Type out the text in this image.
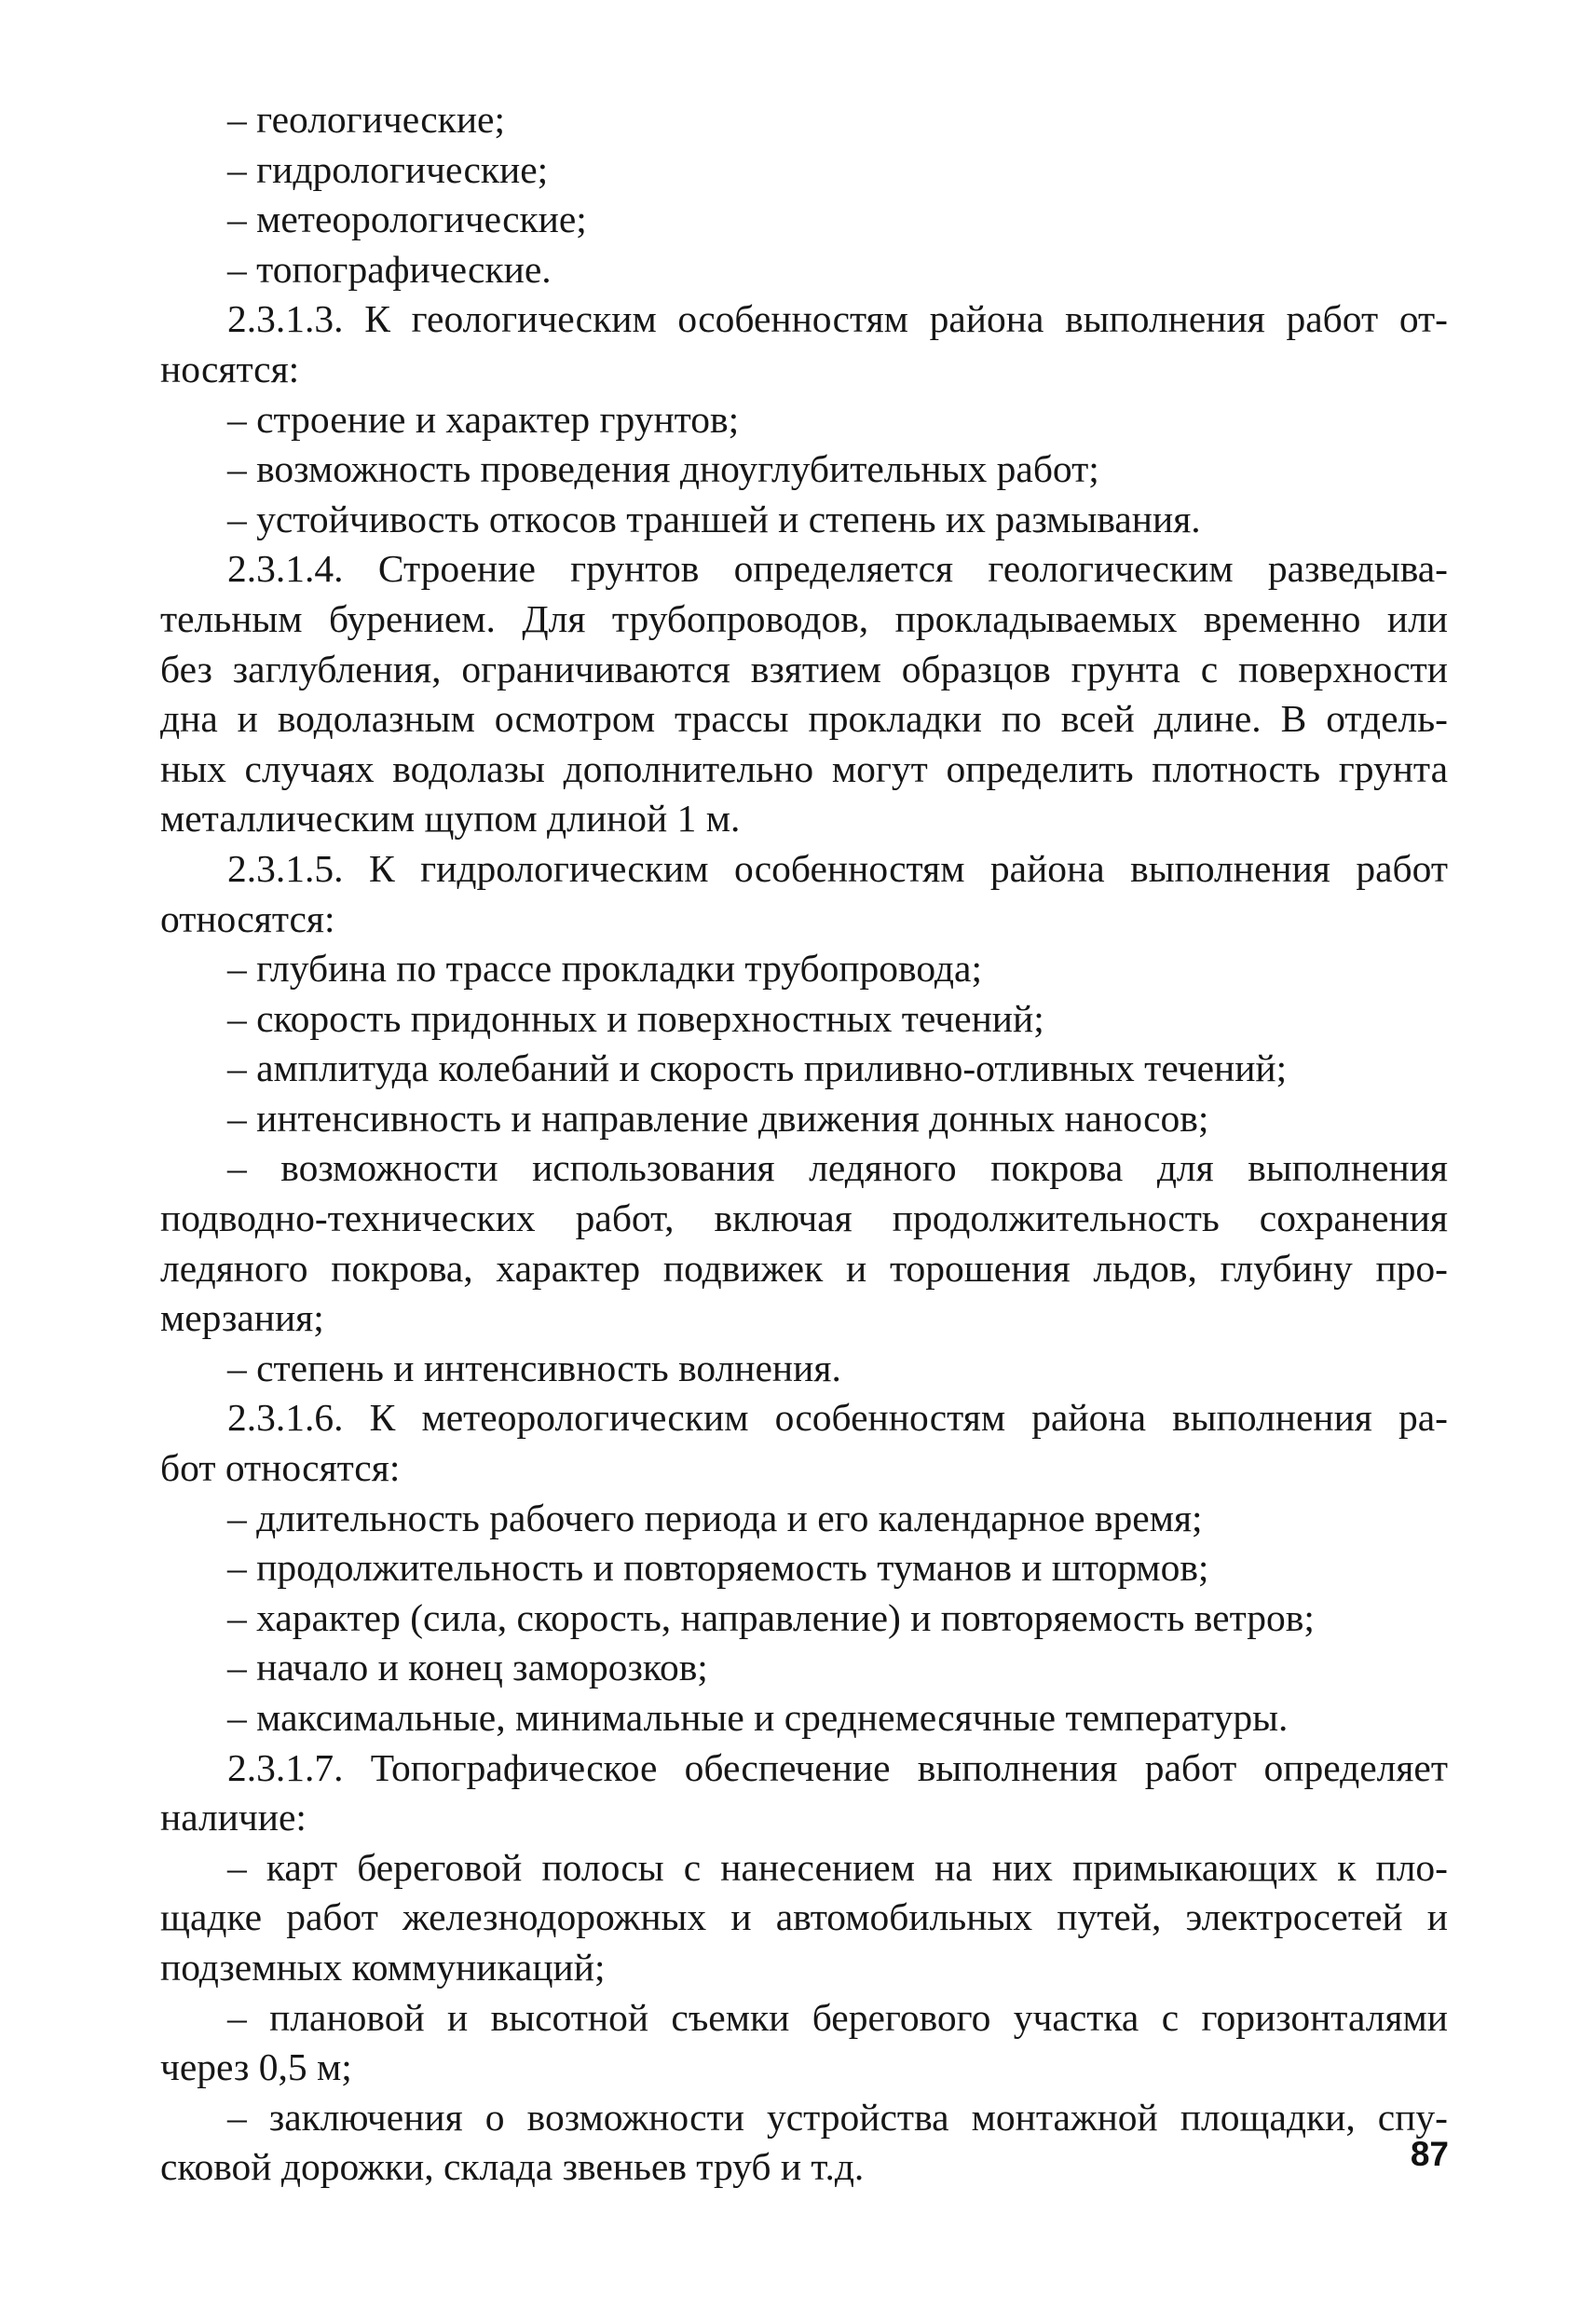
– геологические;
– гидрологические;
– метеорологические;
– топографические.
2.3.1.3. К геологическим особенностям района выполнения работ от-
носятся:
– строение и характер грунтов;
– возможность проведения дноуглубительных работ;
– устойчивость откосов траншей и степень их размывания.
2.3.1.4. Строение грунтов определяется геологическим разведыва-
тельным бурением. Для трубопроводов, прокладываемых временно или
без заглубления, ограничиваются взятием образцов грунта с поверхности
дна и водолазным осмотром трассы прокладки по всей длине. В отдель-
ных случаях водолазы дополнительно могут определить плотность грунта
металлическим щупом длиной 1 м.
2.3.1.5. К гидрологическим особенностям района выполнения работ
относятся:
– глубина по трассе прокладки трубопровода;
– скорость придонных и поверхностных течений;
– амплитуда колебаний и скорость приливно-отливных течений;
– интенсивность и направление движения донных наносов;
– возможности использования ледяного покрова для выполнения
подводно-технических работ, включая продолжительность сохранения
ледяного покрова, характер подвижек и торошения льдов, глубину про-
мерзания;
– степень и интенсивность волнения.
2.3.1.6. К метеорологическим особенностям района выполнения ра-
бот относятся:
– длительность рабочего периода и его календарное время;
– продолжительность и повторяемость туманов и штормов;
– характер (сила, скорость, направление) и повторяемость ветров;
– начало и конец заморозков;
– максимальные, минимальные и среднемесячные температуры.
2.3.1.7. Топографическое обеспечение выполнения работ определяет
наличие:
– карт береговой полосы с нанесением на них примыкающих к пло-
щадке работ железнодорожных и автомобильных путей, электросетей и
подземных коммуникаций;
– плановой и высотной съемки берегового участка с горизонталями
через 0,5 м;
– заключения о возможности устройства монтажной площадки, спу-
сковой дорожки, склада звеньев труб и т.д.	87
